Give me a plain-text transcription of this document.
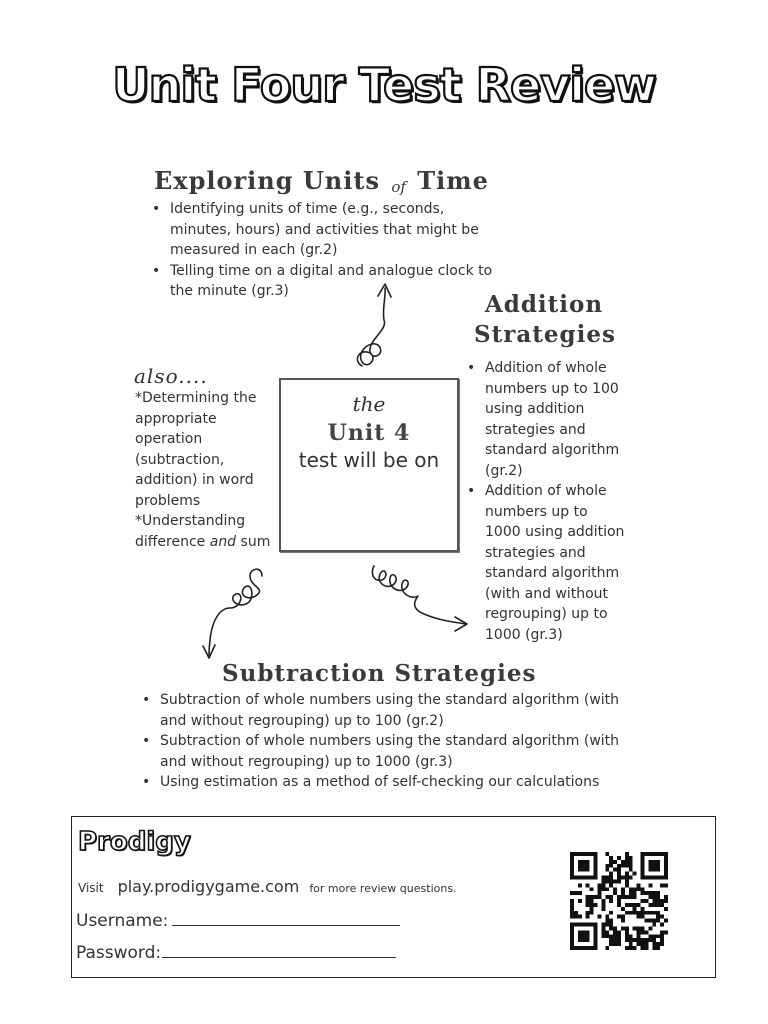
Unit Four Test Review
Exploring Units of Time
• Identifying units of time (e.g., seconds, minutes, hours) and activities that might be measured in each (gr.2)
• Telling time on a digital and analogue clock to the minute (gr.3)	Addition
Strategies
• Addition of whole numbers up to 100 using addition strategies and standard algorithm (gr.2)
• Addition of whole numbers up to 1000 using addition strategies and standard algorithm (with and without regrouping) up to 1000 (gr.3)
also....

*Determining the appropriate operation (subtraction, addition) in word problems

*Understanding difference and sum

the
Unit 4
test will be on
Subtraction Strategies
• Subtraction of whole numbers using the standard algorithm (with and without regrouping) up to 100 (gr.2)
• Subtraction of whole numbers using the standard algorithm (with and without regrouping) up to 1000 (gr.3)
• Using estimation as a method of self-checking our calculations
Prodigy
Visit play.prodigygame.com for more review questions.
Username:
Password:
